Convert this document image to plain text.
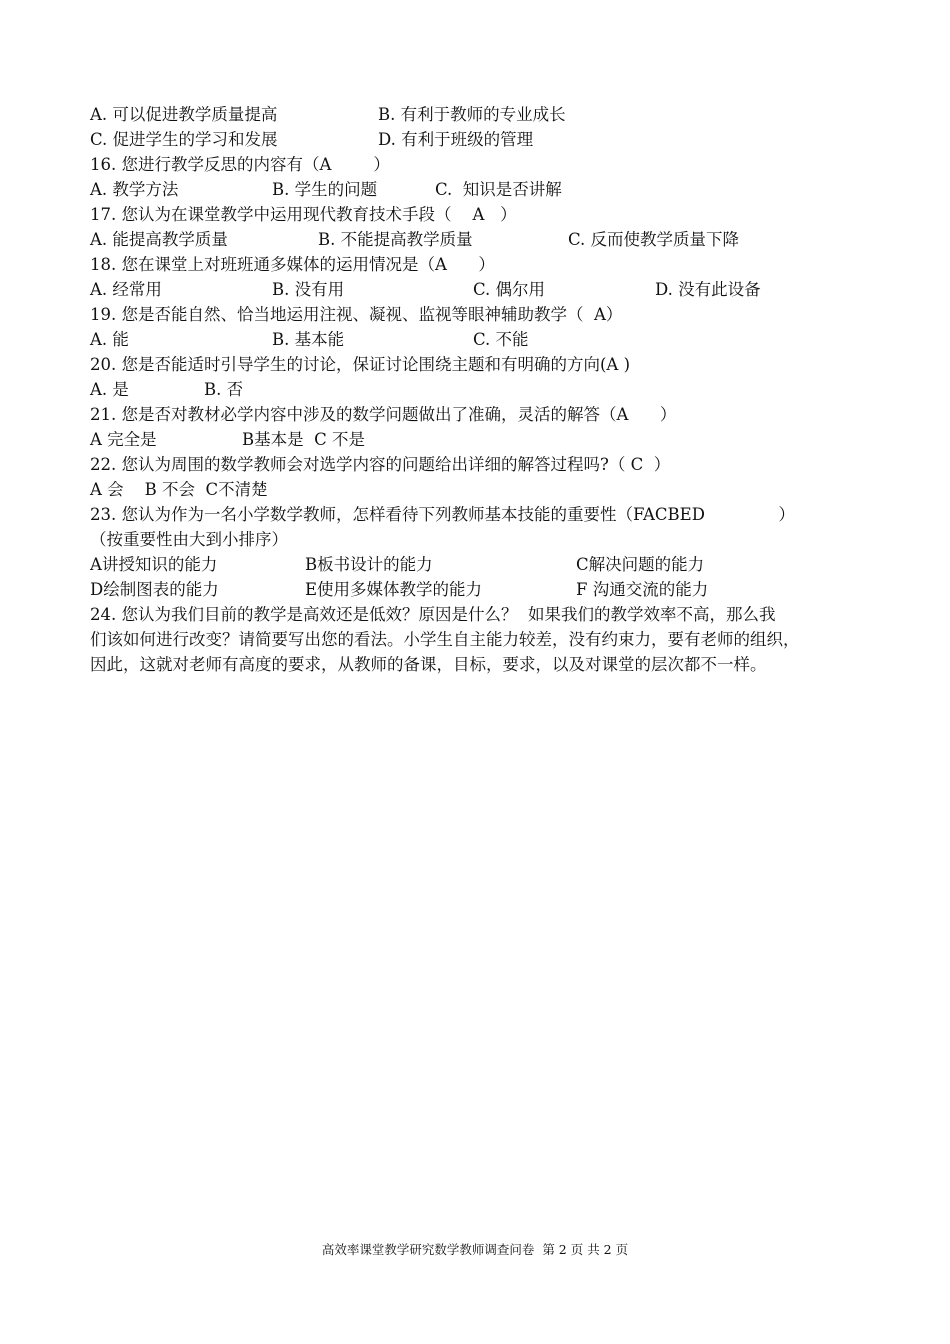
A. 可以促进教学质量提高	B. 有利于教师的专业成长
C. 促进学生的学习和发展	D. 有利于班级的管理
16. 您进行教学反思的内容有（A        ）
A. 教学方法	B. 学生的问题	C.  知识是否讲解
17. 您认为在课堂教学中运用现代教育技术手段（    A   ）
A. 能提高教学质量	B. 不能提高教学质量	C. 反而使教学质量下降
18. 您在课堂上对班班通多媒体的运用情况是（A      ）
A. 经常用	B. 没有用	C. 偶尔用	D. 没有此设备
19. 您是否能自然、恰当地运用注视、凝视、监视等眼神辅助教学（  A）
A. 能	B. 基本能	C. 不能
20. 您是否能适时引导学生的讨论，保证讨论围绕主题和有明确的方向(A )
A. 是	B. 否
21. 您是否对教材必学内容中涉及的数学问题做出了准确，灵活的解答（A      ）
A 完全是	B基本是  C 不是
22. 您认为周围的数学教师会对选学内容的问题给出详细的解答过程吗?（ C  ）
A 会    B 不会  C不清楚
23. 您认为作为一名小学数学教师，怎样看待下列教师基本技能的重要性（FACBED              ）
（按重要性由大到小排序）
A讲授知识的能力	B板书设计的能力	C解决问题的能力
D绘制图表的能力	E使用多媒体教学的能力	F 沟通交流的能力
24. 您认为我们目前的教学是高效还是低效？原因是什么？  如果我们的教学效率不高，那么我
们该如何进行改变？请简要写出您的看法。小学生自主能力较差，没有约束力，要有老师的组织，
因此，这就对老师有高度的要求，从教师的备课，目标，要求，以及对课堂的层次都不一样。
高效率课堂教学研究数学教师调查问卷  第 2 页 共 2 页
